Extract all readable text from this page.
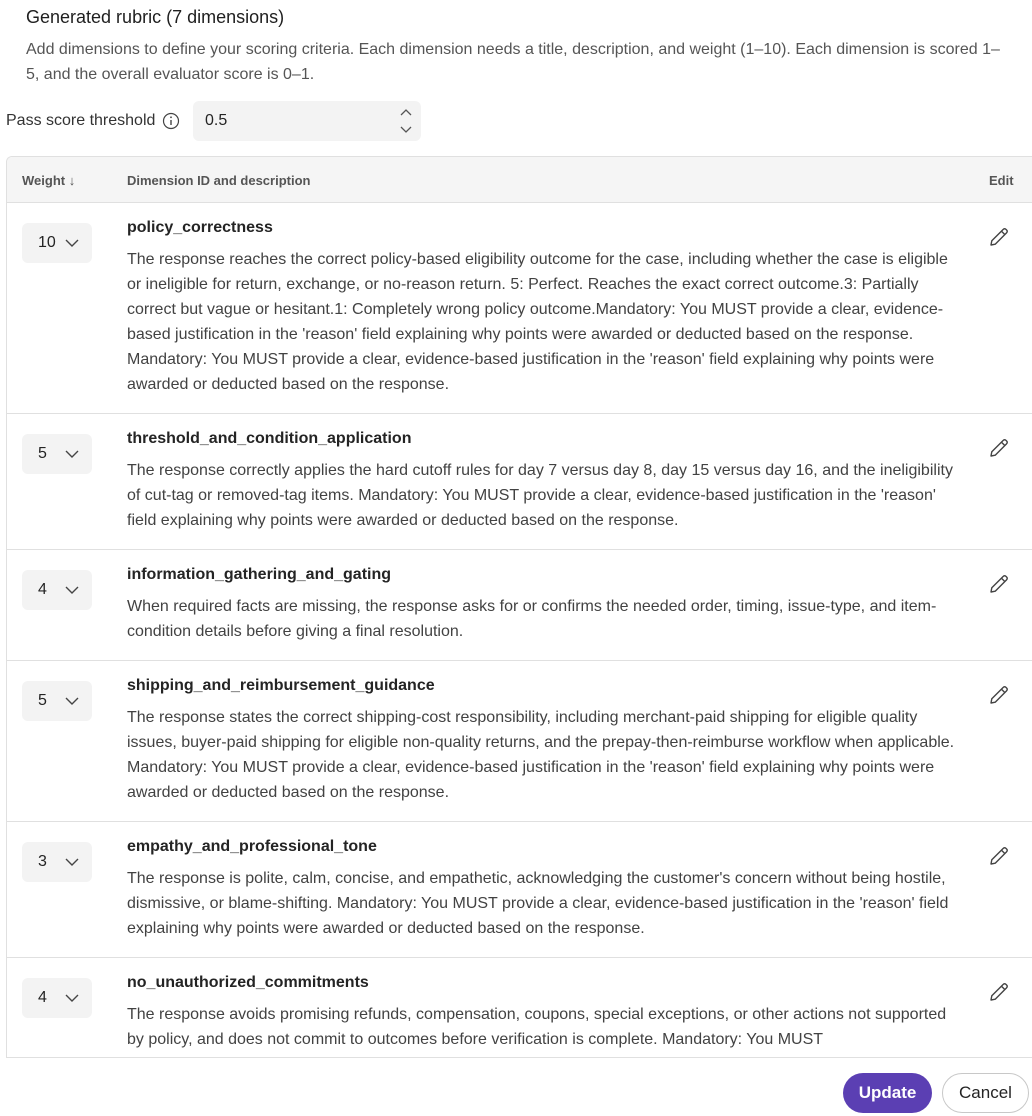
Generated rubric (7 dimensions)
Add dimensions to define your scoring criteria. Each dimension needs a title, description, and weight (1–10). Each dimension is scored 1–5, and the overall evaluator score is 0–1.
Pass score threshold	0.5
Weight ↓	Dimension ID and description	Edit
10
policy_correctness
The response reaches the correct policy-based eligibility outcome for the case, including whether the case is eligible or ineligible for return, exchange, or no-reason return. 5: Perfect. Reaches the exact correct outcome.3: Partially correct but vague or hesitant.1: Completely wrong policy outcome.Mandatory: You MUST provide a clear, evidence-based justification in the 'reason' field explaining why points were awarded or deducted based on the response. Mandatory: You MUST provide a clear, evidence-based justification in the 'reason' field explaining why points were awarded or deducted based on the response.
5
threshold_and_condition_application
The response correctly applies the hard cutoff rules for day 7 versus day 8, day 15 versus day 16, and the ineligibility of cut-tag or removed-tag items. Mandatory: You MUST provide a clear, evidence-based justification in the 'reason' field explaining why points were awarded or deducted based on the response.
4
information_gathering_and_gating
When required facts are missing, the response asks for or confirms the needed order, timing, issue-type, and item-condition details before giving a final resolution.
5
shipping_and_reimbursement_guidance
The response states the correct shipping-cost responsibility, including merchant-paid shipping for eligible quality issues, buyer-paid shipping for eligible non-quality returns, and the prepay-then-reimburse workflow when applicable. Mandatory: You MUST provide a clear, evidence-based justification in the 'reason' field explaining why points were awarded or deducted based on the response.
3
empathy_and_professional_tone
The response is polite, calm, concise, and empathetic, acknowledging the customer's concern without being hostile, dismissive, or blame-shifting. Mandatory: You MUST provide a clear, evidence-based justification in the 'reason' field explaining why points were awarded or deducted based on the response.
4
no_unauthorized_commitments
The response avoids promising refunds, compensation, coupons, special exceptions, or other actions not supported by policy, and does not commit to outcomes before verification is complete. Mandatory: You MUST
Update	Cancel
